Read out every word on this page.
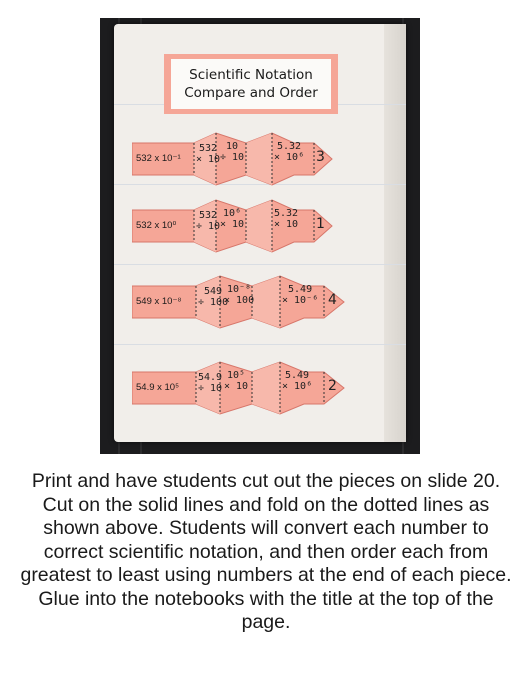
Scientific Notation
Compare and Order
532 x 10⁻¹
532
× 10
10
÷ 10
5.32
× 10⁶ 3
532 x 10⁰
532
÷ 10
10⁶
× 10
5.32
× 10 1
549 x 10⁻⁸
549
÷ 100
10⁻⁸
× 100
5.49
× 10⁻⁶ 4
54.9 x 10⁵
54.9
÷ 10
10⁵
× 10
5.49
× 10⁶ 2

Print and have students cut out the pieces on slide 20. Cut on the solid lines and fold on the dotted lines as shown above. Students will convert each number to correct scientific notation, and then order each from greatest to least using numbers at the end of each piece. Glue into the notebooks with the title at the top of the page.
